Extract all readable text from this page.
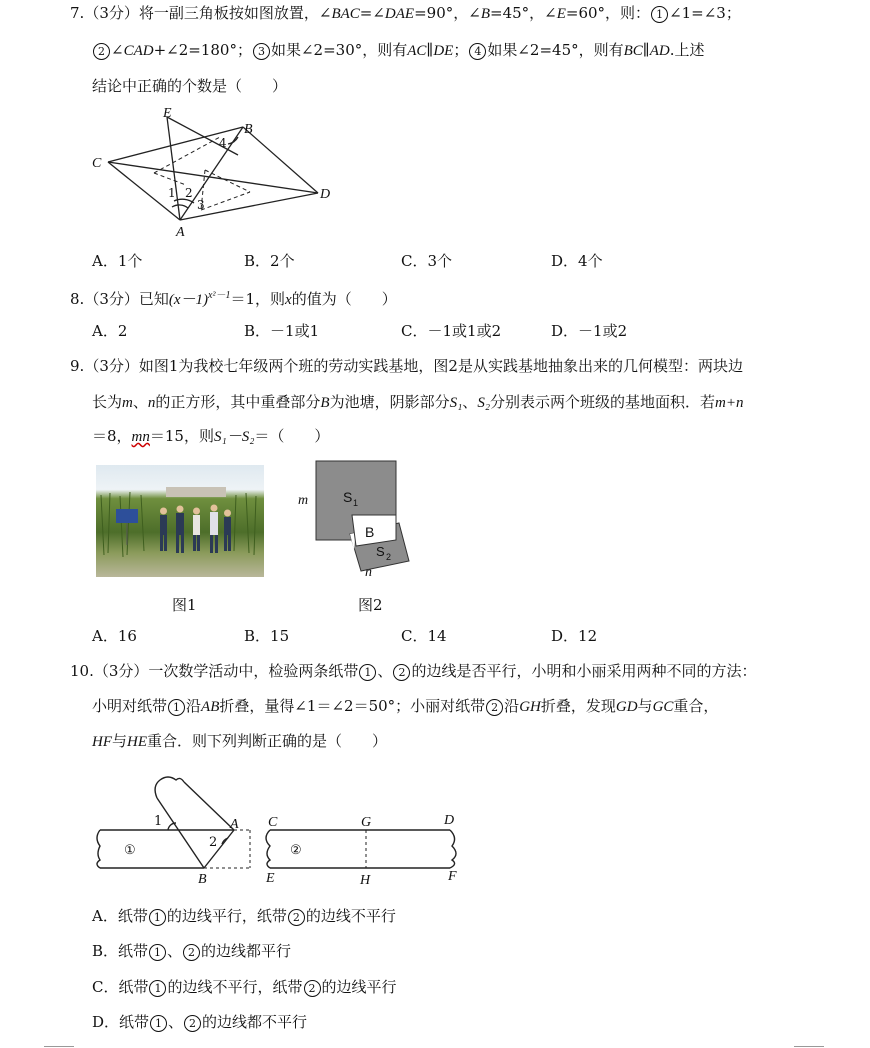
7.（3分）将一副三角板按如图放置，∠BAC=∠DAE=90°，∠B=45°，∠E=60°，则： 1 ∠1=∠3；
2 ∠CAD+∠2=180°； 3 如果∠2=30°，则有AC∥DE； 4 如果∠2=45°，则有BC∥AD.上述
结论中正确的个数是（　　）
E
B
C
D
A
1 2
3
4
A．1个	B．2个	C．3个	D．4个
8.（3分）已知$(x-1)^{x^2-1}=1$，则x的值为（　　）
A．2	B．－1或1	C．－1或1或2	D．－1或2
9.（3分）如图1为我校七年级两个班的劳动实践基地，图2是从实践基地抽象出来的几何模型：两块边
长为m、n的正方形，其中重叠部分B为池塘，阴影部分S₁、S₂分别表示两个班级的基地面积．若m+n
＝8，mn＝15，则S₁－S₂＝（　　）
图1
m
n
S 1
B
S 2
图2
A．16	B．15	C．14	D．12
10.（3分）一次数学活动中，检验两条纸带 1 、 2 的边线是否平行，小明和小丽采用两种不同的方法：
小明对纸带 1 沿AB折叠，量得∠1＝∠2＝50°；小丽对纸带 2 沿GH折叠，发现GD与GC重合，
HF与HE重合．则下列判断正确的是（　　）
1
2
①	②
A
B
C	G	D
E	H	F
A．纸带 1 的边线平行，纸带 2 的边线不平行
B．纸带 1 、 2 的边线都平行
C．纸带 1 的边线不平行，纸带 2 的边线平行
D．纸带 1 、 2 的边线都不平行
